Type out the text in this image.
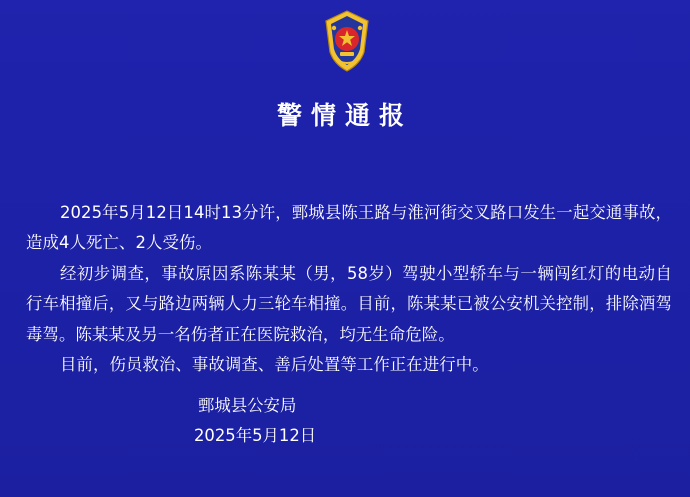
警情通报

2025年5月12日14时13分许，鄄城县陈王路与淮河街交叉路口发生一起交通事故，造成4人死亡、2人受伤。

经初步调查，事故原因系陈某某（男，58岁）驾驶小型轿车与一辆闯红灯的电动自行车相撞后，又与路边两辆人力三轮车相撞。目前，陈某某已被公安机关控制，排除酒驾毒驾。陈某某及另一名伤者正在医院救治，均无生命危险。

目前，伤员救治、事故调查、善后处置等工作正在进行中。

鄄城县公安局
2025年5月12日
